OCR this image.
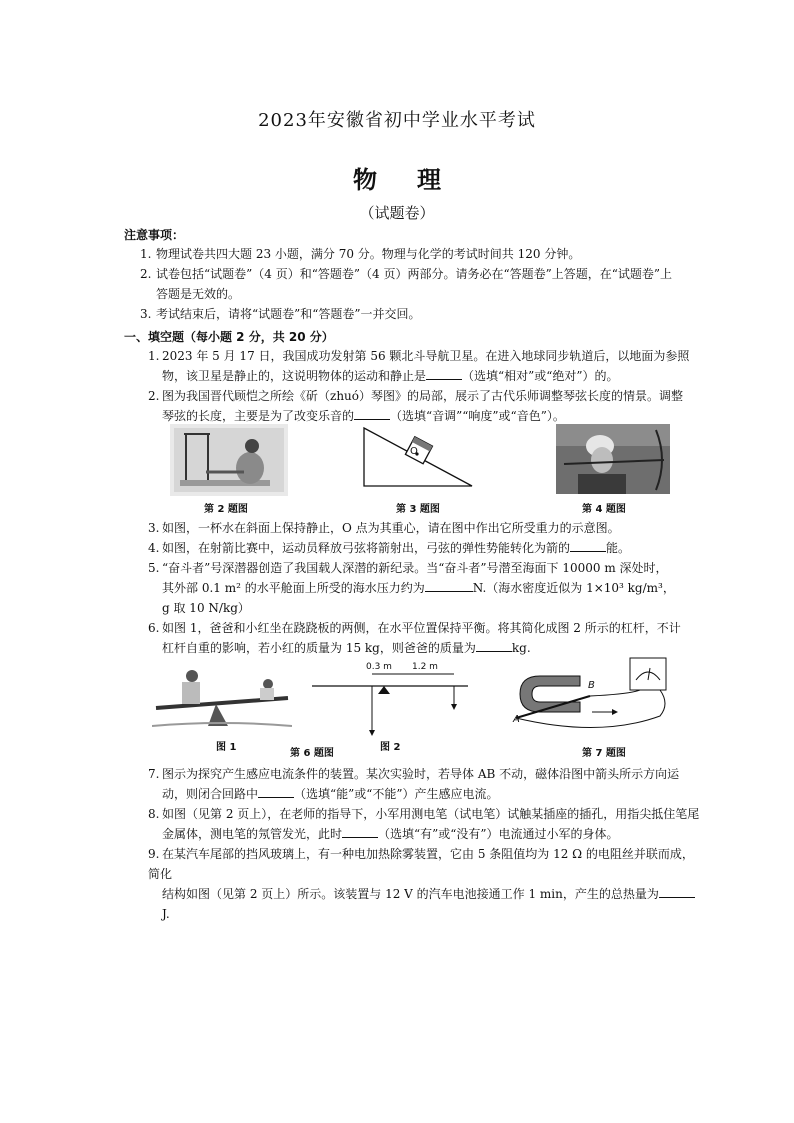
2023年安徽省初中学业水平考试
物理
（试题卷）
注意事项：
1. 物理试卷共四大题 23 小题，满分 70 分。物理与化学的考试时间共 120 分钟。
2. 试卷包括“试题卷”（4 页）和“答题卷”（4 页）两部分。请务必在“答题卷”上答题，在“试题卷”上
答题是无效的。
3. 考试结束后，请将“试题卷”和“答题卷”一并交回。
一、填空题（每小题 2 分，共 20 分）
1. 2023 年 5 月 17 日，我国成功发射第 56 颗北斗导航卫星。在进入地球同步轨道后，以地面为参照
物，该卫星是静止的，这说明物体的运动和静止是	（选填“相对”或“绝对”）的。
2. 图为我国晋代顾恺之所绘《斫（zhuó）琴图》的局部，展示了古代乐师调整琴弦长度的情景。调整
琴弦的长度，主要是为了改变乐音的	（选填“音调”“响度”或“音色”）。
第 2 题图
O
第 3 题图	第 4 题图
3. 如图，一杯水在斜面上保持静止，O 点为其重心，请在图中作出它所受重力的示意图。
4. 如图，在射箭比赛中，运动员释放弓弦将箭射出，弓弦的弹性势能转化为箭的	能。
5. “奋斗者”号深潜器创造了我国载人深潜的新纪录。当“奋斗者”号潜至海面下 10000 m 深处时，
其外部 0.1 m² 的水平舱面上所受的海水压力约为	N.（海水密度近似为 1×10³ kg/m³，
g 取 10 N/kg）
6. 如图 1，爸爸和小红坐在跷跷板的两侧，在水平位置保持平衡。将其简化成图 2 所示的杠杆，不计
杠杆自重的影响，若小红的质量为 15 kg，则爸爸的质量为	kg.
图 1
0.3 m 1.2 m
图 2
第 6 题图
A
B
第 7 题图
7. 图示为探究产生感应电流条件的装置。某次实验时，若导体 AB 不动，磁体沿图中箭头所示方向运
动，则闭合回路中	（选填“能”或“不能”）产生感应电流。
8. 如图（见第 2 页上），在老师的指导下，小军用测电笔（试电笔）试触某插座的插孔，用指尖抵住笔尾
金属体，测电笔的氖管发光，此时	（选填“有”或“没有”）电流通过小军的身体。
9. 在某汽车尾部的挡风玻璃上，有一种电加热除雾装置，它由 5 条阻值均为 12 Ω 的电阻丝并联而成，简化
结构如图（见第 2 页上）所示。该装置与 12 V 的汽车电池接通工作 1 min，产生的总热量为J.
